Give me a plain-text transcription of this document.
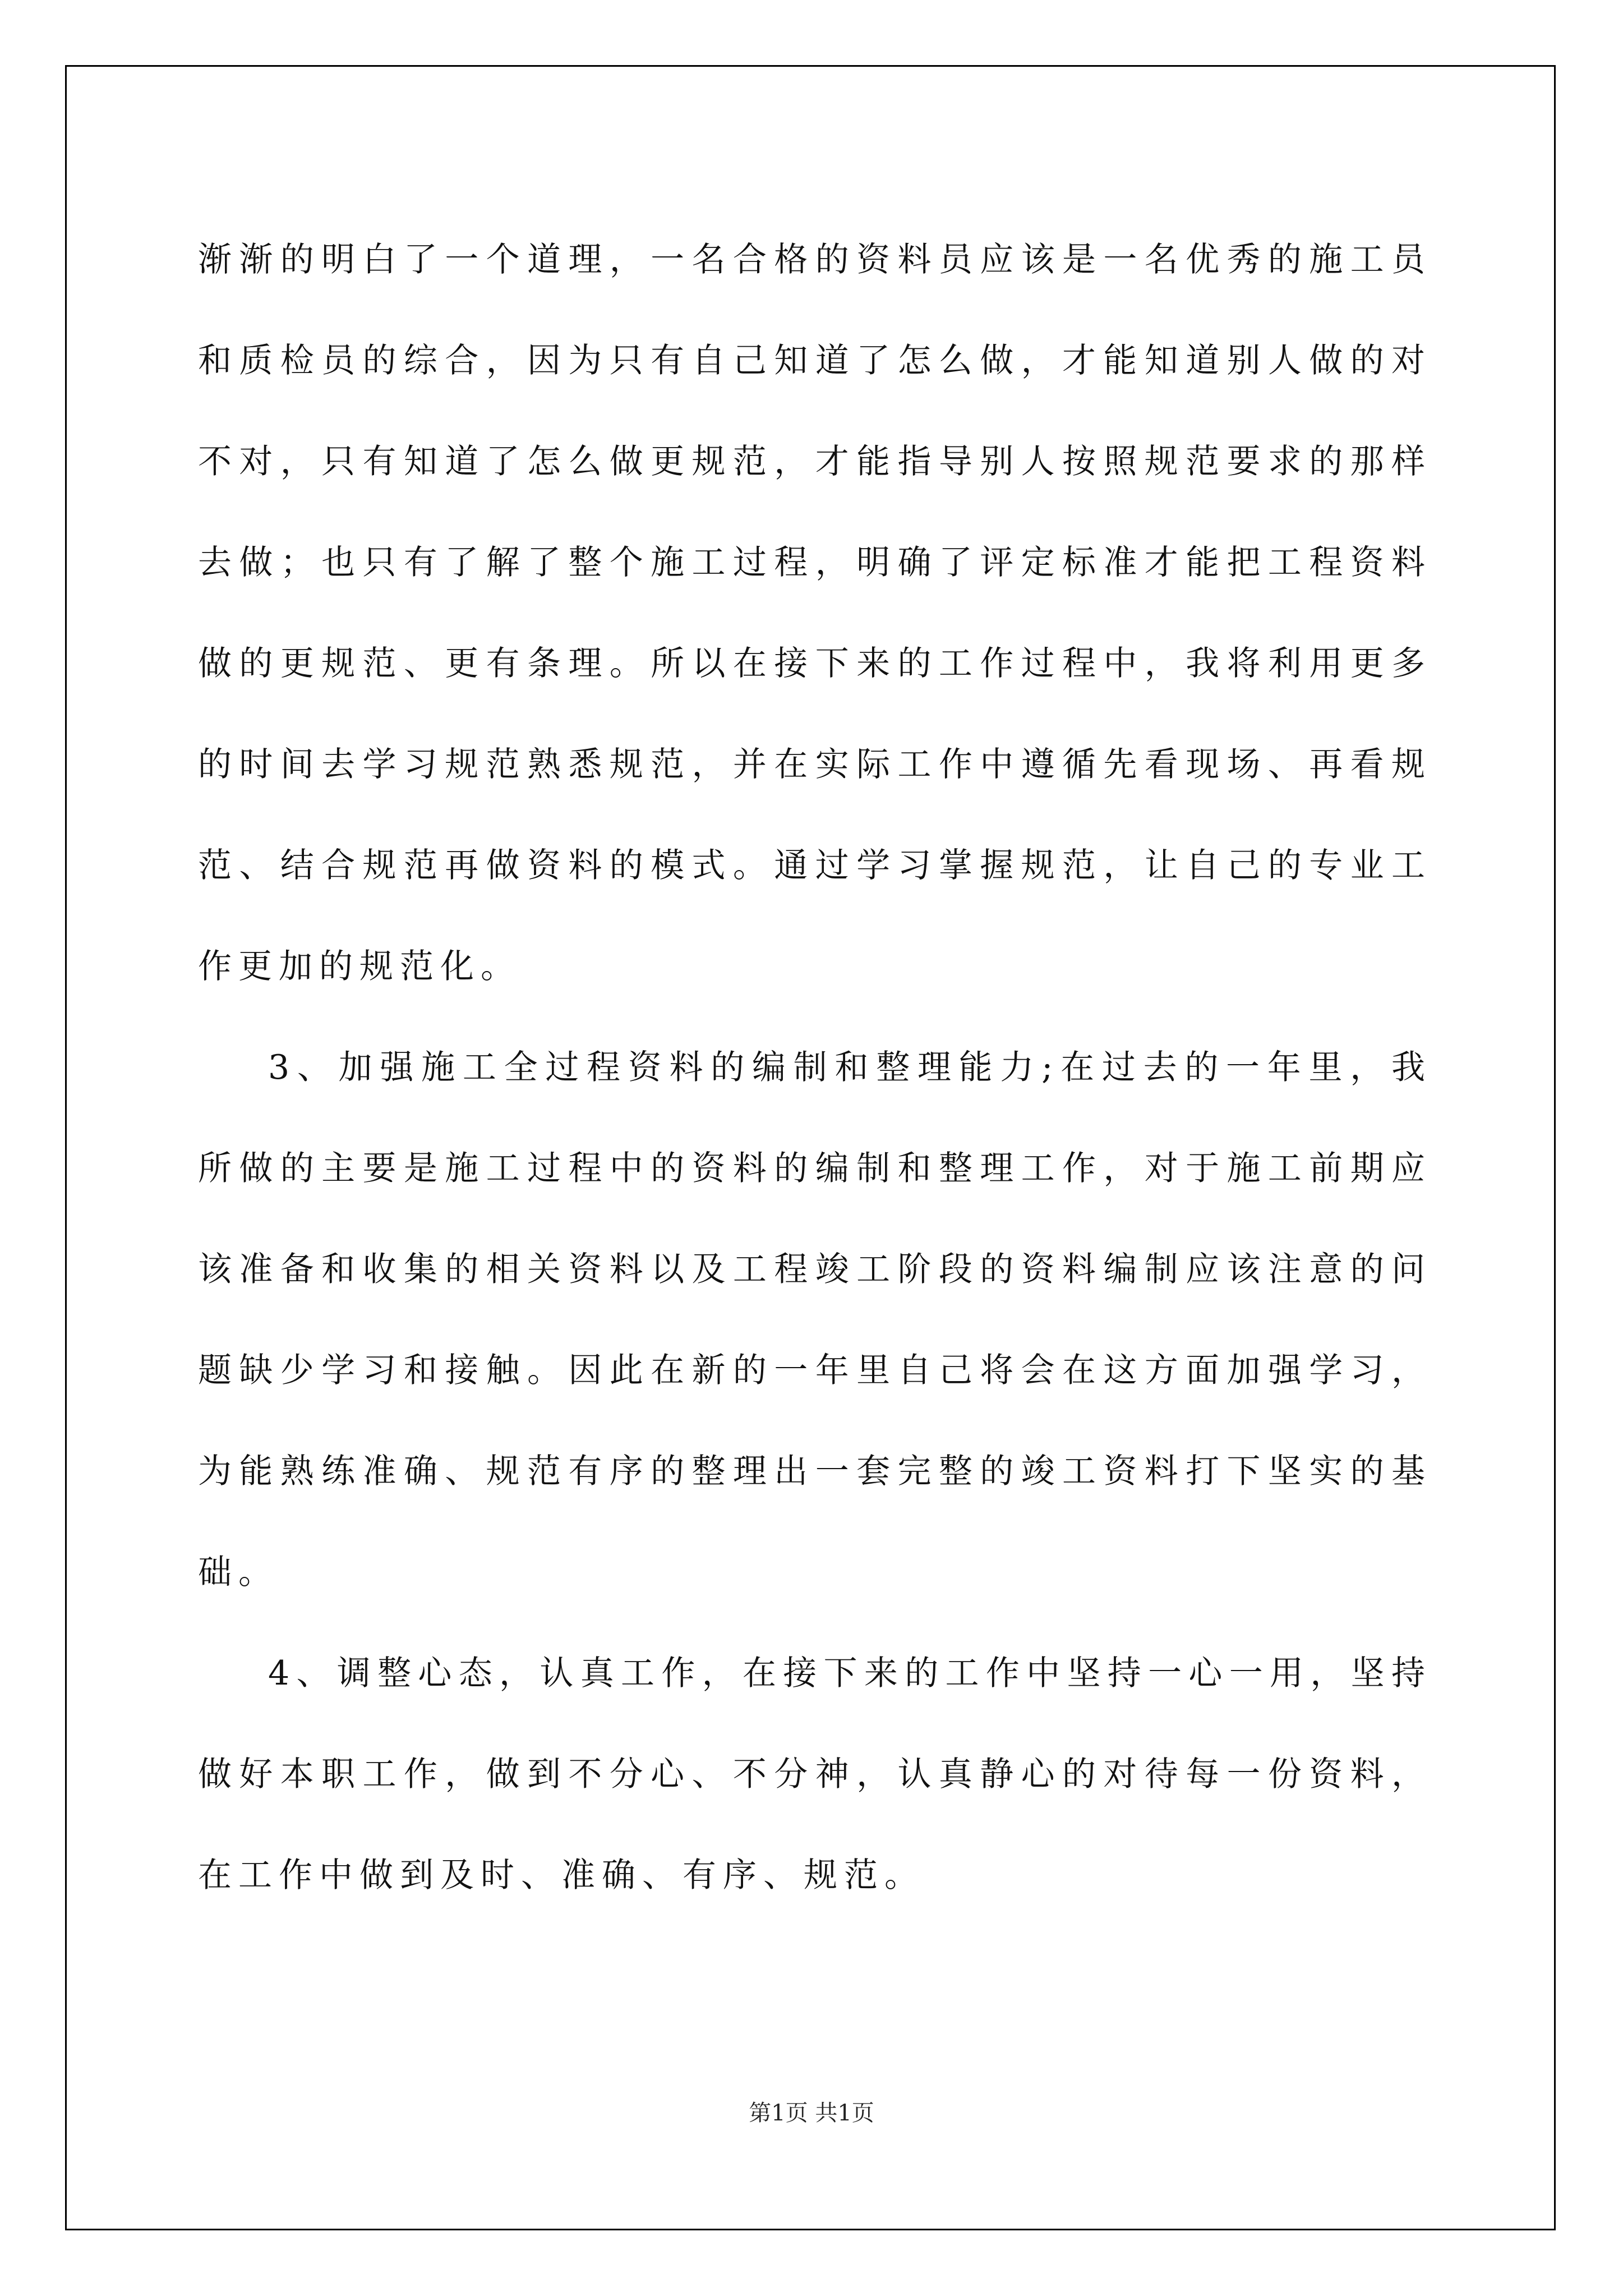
渐渐的明白了一个道理，一名合格的资料员应该是一名优秀的施工员
和质检员的综合，因为只有自己知道了怎么做，才能知道别人做的对
不对，只有知道了怎么做更规范，才能指导别人按照规范要求的那样
去做；也只有了解了整个施工过程，明确了评定标准才能把工程资料
做的更规范、更有条理。所以在接下来的工作过程中，我将利用更多
的时间去学习规范熟悉规范，并在实际工作中遵循先看现场、再看规
范、结合规范再做资料的模式。通过学习掌握规范，让自己的专业工
作更加的规范化。
3、加强施工全过程资料的编制和整理能力;在过去的一年里，我
所做的主要是施工过程中的资料的编制和整理工作，对于施工前期应
该准备和收集的相关资料以及工程竣工阶段的资料编制应该注意的问
题缺少学习和接触。因此在新的一年里自己将会在这方面加强学习，
为能熟练准确、规范有序的整理出一套完整的竣工资料打下坚实的基
础。
4、调整心态，认真工作，在接下来的工作中坚持一心一用，坚持
做好本职工作，做到不分心、不分神，认真静心的对待每一份资料，
在工作中做到及时、准确、有序、规范。
第1页 共1页
